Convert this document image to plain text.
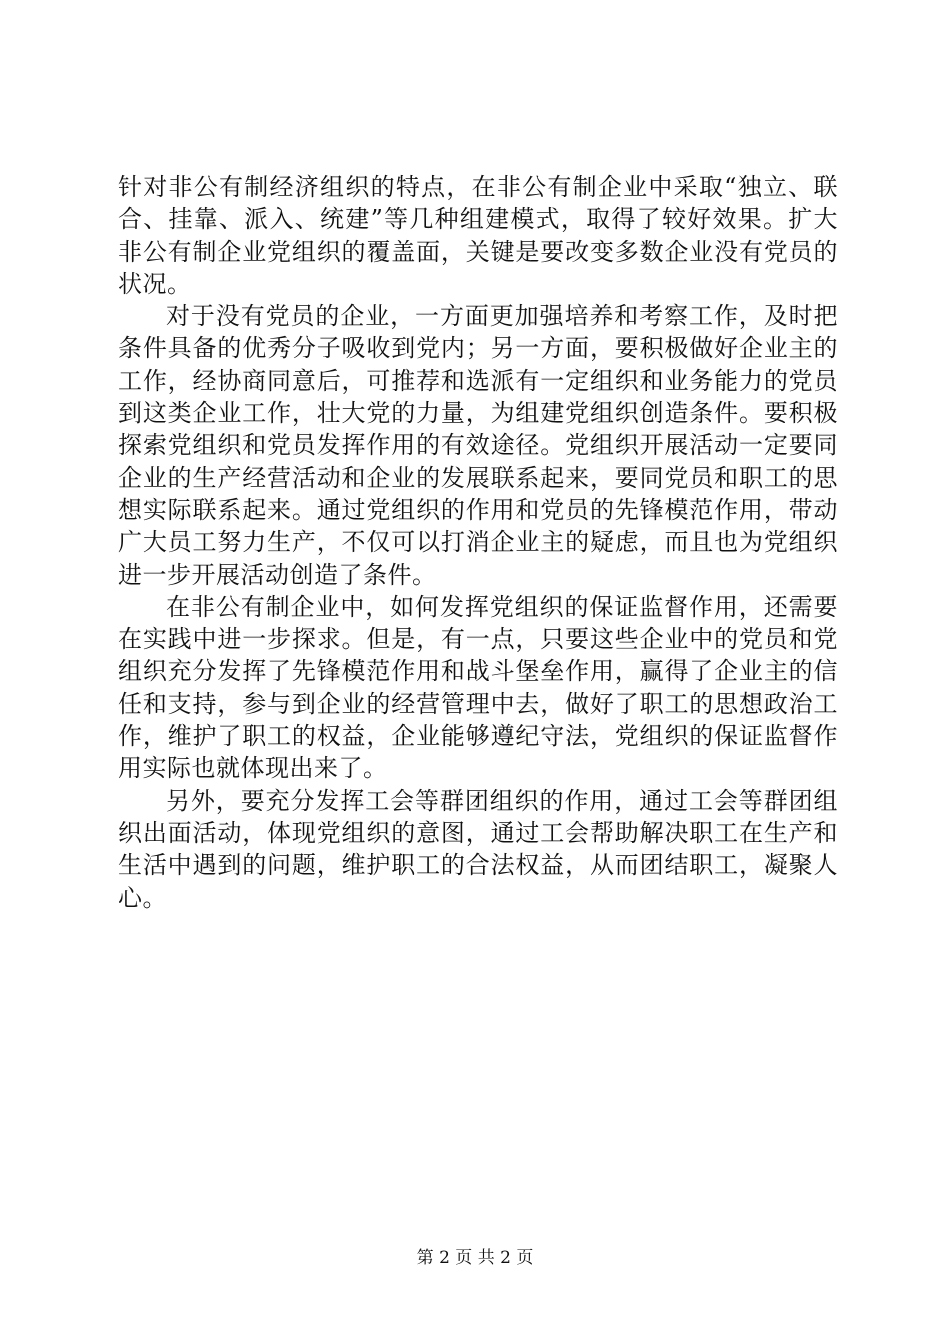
针对非公有制经济组织的特点，在非公有制企业中采取“独立、联合、挂靠、派入、统建”等几种组建模式，取得了较好效果。扩大非公有制企业党组织的覆盖面，关键是要改变多数企业没有党员的状况。

对于没有党员的企业，一方面更加强培养和考察工作，及时把条件具备的优秀分子吸收到党内；另一方面，要积极做好企业主的工作，经协商同意后，可推荐和选派有一定组织和业务能力的党员到这类企业工作，壮大党的力量，为组建党组织创造条件。要积极探索党组织和党员发挥作用的有效途径。党组织开展活动一定要同企业的生产经营活动和企业的发展联系起来，要同党员和职工的思想实际联系起来。通过党组织的作用和党员的先锋模范作用，带动广大员工努力生产，不仅可以打消企业主的疑虑，而且也为党组织进一步开展活动创造了条件。

在非公有制企业中，如何发挥党组织的保证监督作用，还需要在实践中进一步探求。但是，有一点，只要这些企业中的党员和党组织充分发挥了先锋模范作用和战斗堡垒作用，赢得了企业主的信任和支持，参与到企业的经营管理中去，做好了职工的思想政治工作，维护了职工的权益，企业能够遵纪守法，党组织的保证监督作用实际也就体现出来了。

另外，要充分发挥工会等群团组织的作用，通过工会等群团组织出面活动，体现党组织的意图，通过工会帮助解决职工在生产和生活中遇到的问题，维护职工的合法权益，从而团结职工，凝聚人心。

第 2 页 共 2 页
